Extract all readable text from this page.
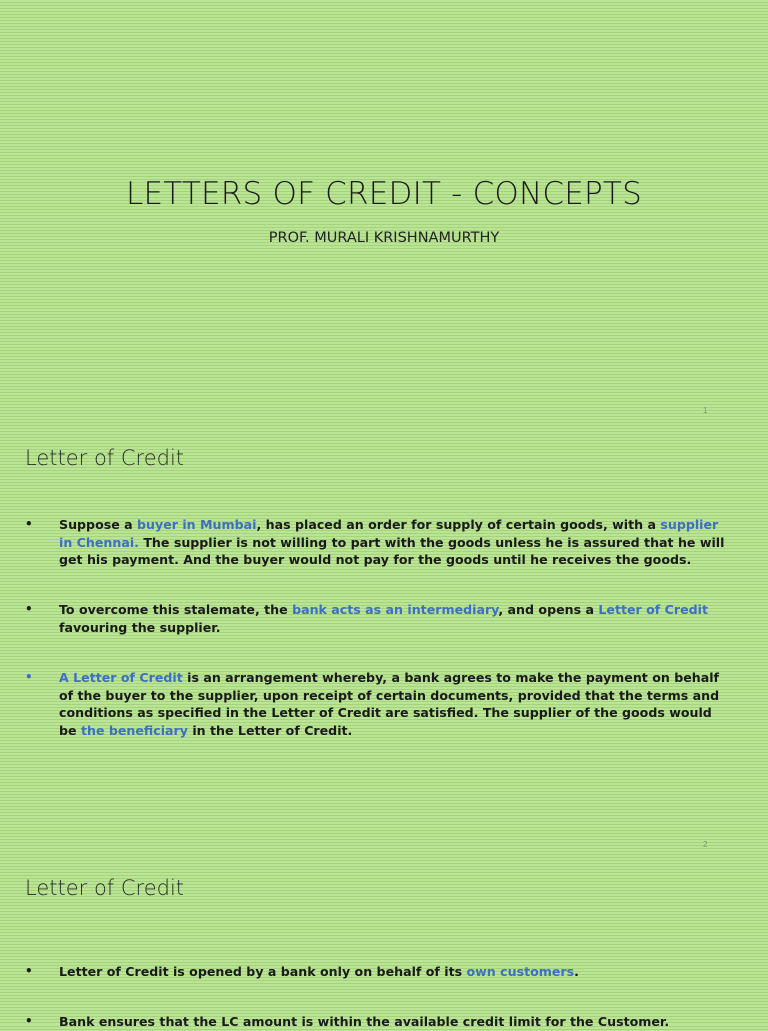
LETTERS OF CREDIT - CONCEPTS
PROF. MURALI KRISHNAMURTHY
1
Letter of Credit
•	Suppose a buyer in Mumbai, has placed an order for supply of certain goods, with a supplier in Chennai. The supplier is not willing to part with the goods unless he is assured that he will get his payment. And the buyer would not pay for the goods until he receives the goods.
•	To overcome this stalemate, the bank acts as an intermediary, and opens a Letter of Credit favouring the supplier.
•	A Letter of Credit is an arrangement whereby, a bank agrees to make the payment on behalf of the buyer to the supplier, upon receipt of certain documents, provided that the terms and conditions as specified in the Letter of Credit are satisfied. The supplier of the goods would be the beneficiary in the Letter of Credit.
2
Letter of Credit
•	Letter of Credit is opened by a bank only on behalf of its own customers.
•	Bank ensures that the LC amount is within the available credit limit for the Customer.
